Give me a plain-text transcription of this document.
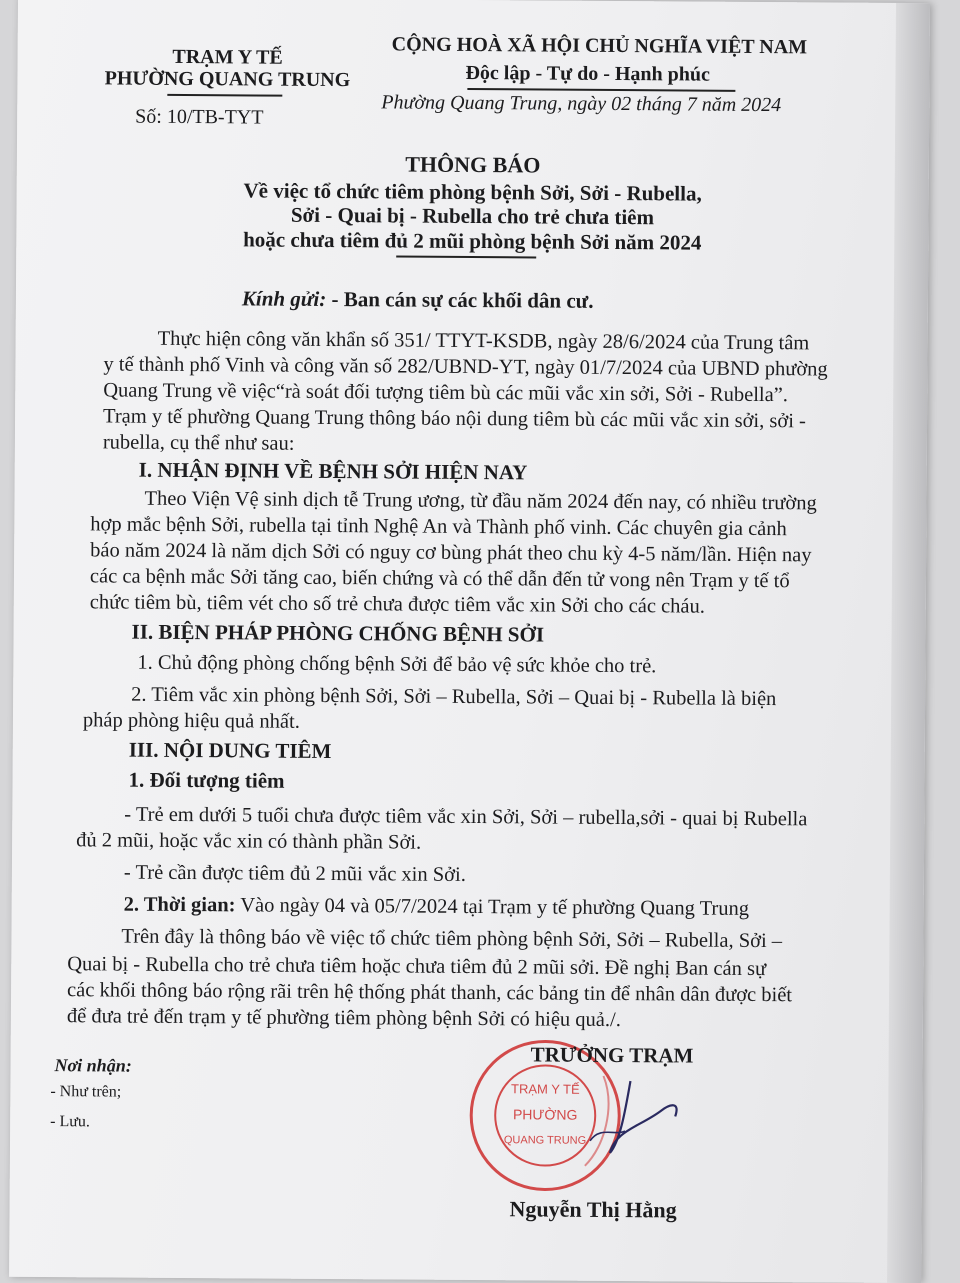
TRẠM Y TẾ
PHƯỜNG QUANG TRUNG
Số: 10/TB-TYT
CỘNG HOÀ XÃ HỘI CHỦ NGHĨA VIỆT NAM
Độc lập - Tự do - Hạnh phúc
Phường Quang Trung, ngày 02 tháng 7 năm 2024
THÔNG BÁO
Về việc tổ chức tiêm phòng bệnh Sởi, Sởi - Rubella,
Sởi - Quai bị - Rubella cho trẻ chưa tiêm
hoặc chưa tiêm đủ 2 mũi phòng bệnh Sởi năm 2024
Kính gửi: - Ban cán sự các khối dân cư.
Thực hiện công văn khẩn số 351/ TTYT-KSDB, ngày 28/6/2024 của Trung tâm
y tế thành phố Vinh và công văn số 282/UBND-YT, ngày 01/7/2024 của UBND phường
Quang Trung về việc“rà soát đối tượng tiêm bù các mũi vắc xin sởi, Sởi - Rubella”.
Trạm y tế phường Quang Trung thông báo nội dung tiêm bù các mũi vắc xin sởi, sởi -
rubella, cụ thể như sau:
I. NHẬN ĐỊNH VỀ BỆNH SỞI HIỆN NAY
Theo Viện Vệ sinh dịch tễ Trung ương, từ đầu năm 2024 đến nay, có nhiều trường
hợp mắc bệnh Sởi, rubella tại tỉnh Nghệ An và Thành phố vinh. Các chuyên gia cảnh
báo năm 2024 là năm dịch Sởi có nguy cơ bùng phát theo chu kỳ 4-5 năm/lần. Hiện nay
các ca bệnh mắc Sởi tăng cao, biến chứng và có thể dẫn đến tử vong nên Trạm y tế tổ
chức tiêm bù, tiêm vét cho số trẻ chưa được tiêm vắc xin Sởi cho các cháu.
II. BIỆN PHÁP PHÒNG CHỐNG BỆNH SỞI
1. Chủ động phòng chống bệnh Sởi để bảo vệ sức khỏe cho trẻ.
2. Tiêm vắc xin phòng bệnh Sởi, Sởi – Rubella, Sởi – Quai bị - Rubella là biện
pháp phòng hiệu quả nhất.
III. NỘI DUNG TIÊM
1. Đối tượng tiêm
- Trẻ em dưới 5 tuổi chưa được tiêm vắc xin Sởi, Sởi – rubella,sởi - quai bị Rubella
đủ 2 mũi, hoặc vắc xin có thành phần Sởi.
- Trẻ cần được tiêm đủ 2 mũi vắc xin Sởi.
2. Thời gian: Vào ngày 04 và 05/7/2024 tại Trạm y tế phường Quang Trung
Trên đây là thông báo về việc tổ chức tiêm phòng bệnh Sởi, Sởi – Rubella, Sởi –
Quai bị - Rubella cho trẻ chưa tiêm hoặc chưa tiêm đủ 2 mũi sởi. Đề nghị Ban cán sự
các khối thông báo rộng rãi trên hệ thống phát thanh, các bảng tin để nhân dân được biết
để đưa trẻ đến trạm y tế phường tiêm phòng bệnh Sởi có hiệu quả./.
Nơi nhận:
- Như trên;
- Lưu.
TRẠM Y TẾ
PHƯỜNG
QUANG TRUNG
TRƯỞNG TRẠM
Nguyễn Thị Hằng
